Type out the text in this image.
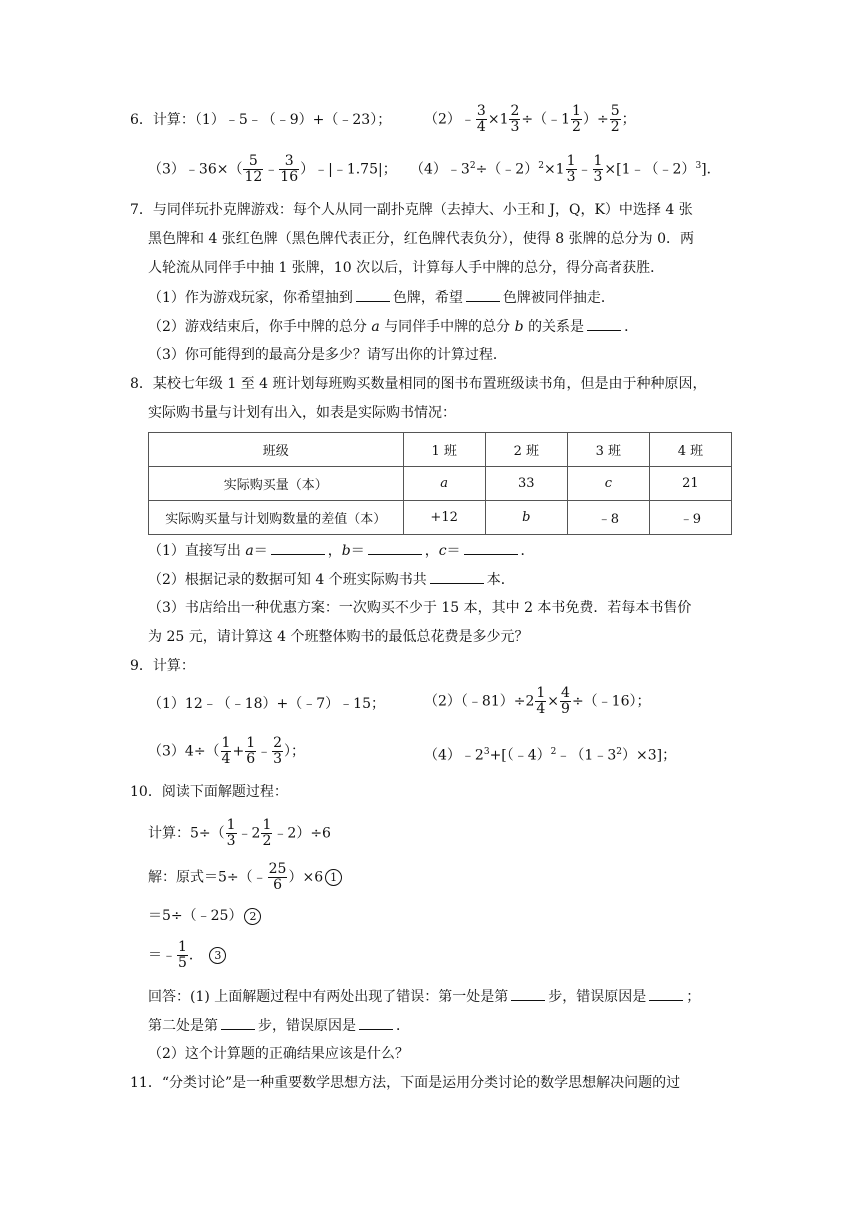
6．计算：（1）﹣5﹣（﹣9）+（﹣23）； （2）﹣ $\frac{3}{4} \times 1 \frac{2}{3}$ ÷（﹣1 $\frac{1}{2}$ ）÷ $\frac{5}{2}$ ；
（3）﹣36×（ $\frac{5}{12}$ ﹣ $\frac{3}{16}$ ）﹣|﹣1.75|； $(4)﹣3^2\div(﹣2)^2\times 1 \frac{1}{3}$ ﹣ $\frac{1}{3}$ ×[1﹣（﹣2）$^3$]．
7．与同伴玩扑克牌游戏：每个人从同一副扑克牌（去掉大、小王和 J，Q，K）中选择 4 张
黑色牌和 4 张红色牌（黑色牌代表正分，红色牌代表负分），使得 8 张牌的总分为 0．两
人轮流从同伴手中抽 1 张牌，10 次以后，计算每人手中牌的总分，得分高者获胜．
（1）作为游戏玩家，你希望抽到	色牌，希望	色牌被同伴抽走．
（2）游戏结束后，你手中牌的总分 a 与同伴手中牌的总分 b 的关系是	．
（3）你可能得到的最高分是多少？请写出你的计算过程．
8．某校七年级 1 至 4 班计划每班购买数量相同的图书布置班级读书角，但是由于种种原因，
实际购书量与计划有出入，如表是实际购书情况：
班级	1 班	2 班	3 班	4 班
实际购买量（本）	a	33	c	21
实际购买量与计划购数量的差值（本）	+12	b	﹣8	﹣9
（1）直接写出 a＝	，b＝	，c＝	．
（2）根据记录的数据可知 4 个班实际购书共	本．
（3）书店给出一种优惠方案：一次购买不少于 15 本，其中 2 本书免费．若每本书售价
为 25 元，请计算这 4 个班整体购书的最低总花费是多少元？
9．计算：
（1）12﹣（﹣18）+（﹣7）﹣15；	（2）（﹣81）÷2 $\frac{1}{4} \times \frac{4}{9}$ ÷（﹣16）；
$(3)4\div( \frac{1}{4} + \frac{1}{6}$ ﹣ $\frac{2}{3}$ ）；	$(4)﹣2^3+[(﹣4)^2﹣(1﹣3^2)\times 3]$；
10．阅读下面解题过程：
计算：$5\div( \frac{1}{3}$ ﹣2 $\frac{1}{2}$ ﹣2）÷6
解：原式＝5÷（﹣ $\frac{25}{6} )\times 6$ 1
＝5÷（﹣25） 2
＝﹣ $\frac{1}{5}$ ． 3
回答：(1) 上面解题过程中有两处出现了错误：第一处是第	步，错误原因是	；
第二处是第	步，错误原因是	．
（2）这个计算题的正确结果应该是什么？
11．“分类讨论”是一种重要数学思想方法，下面是运用分类讨论的数学思想解决问题的过
